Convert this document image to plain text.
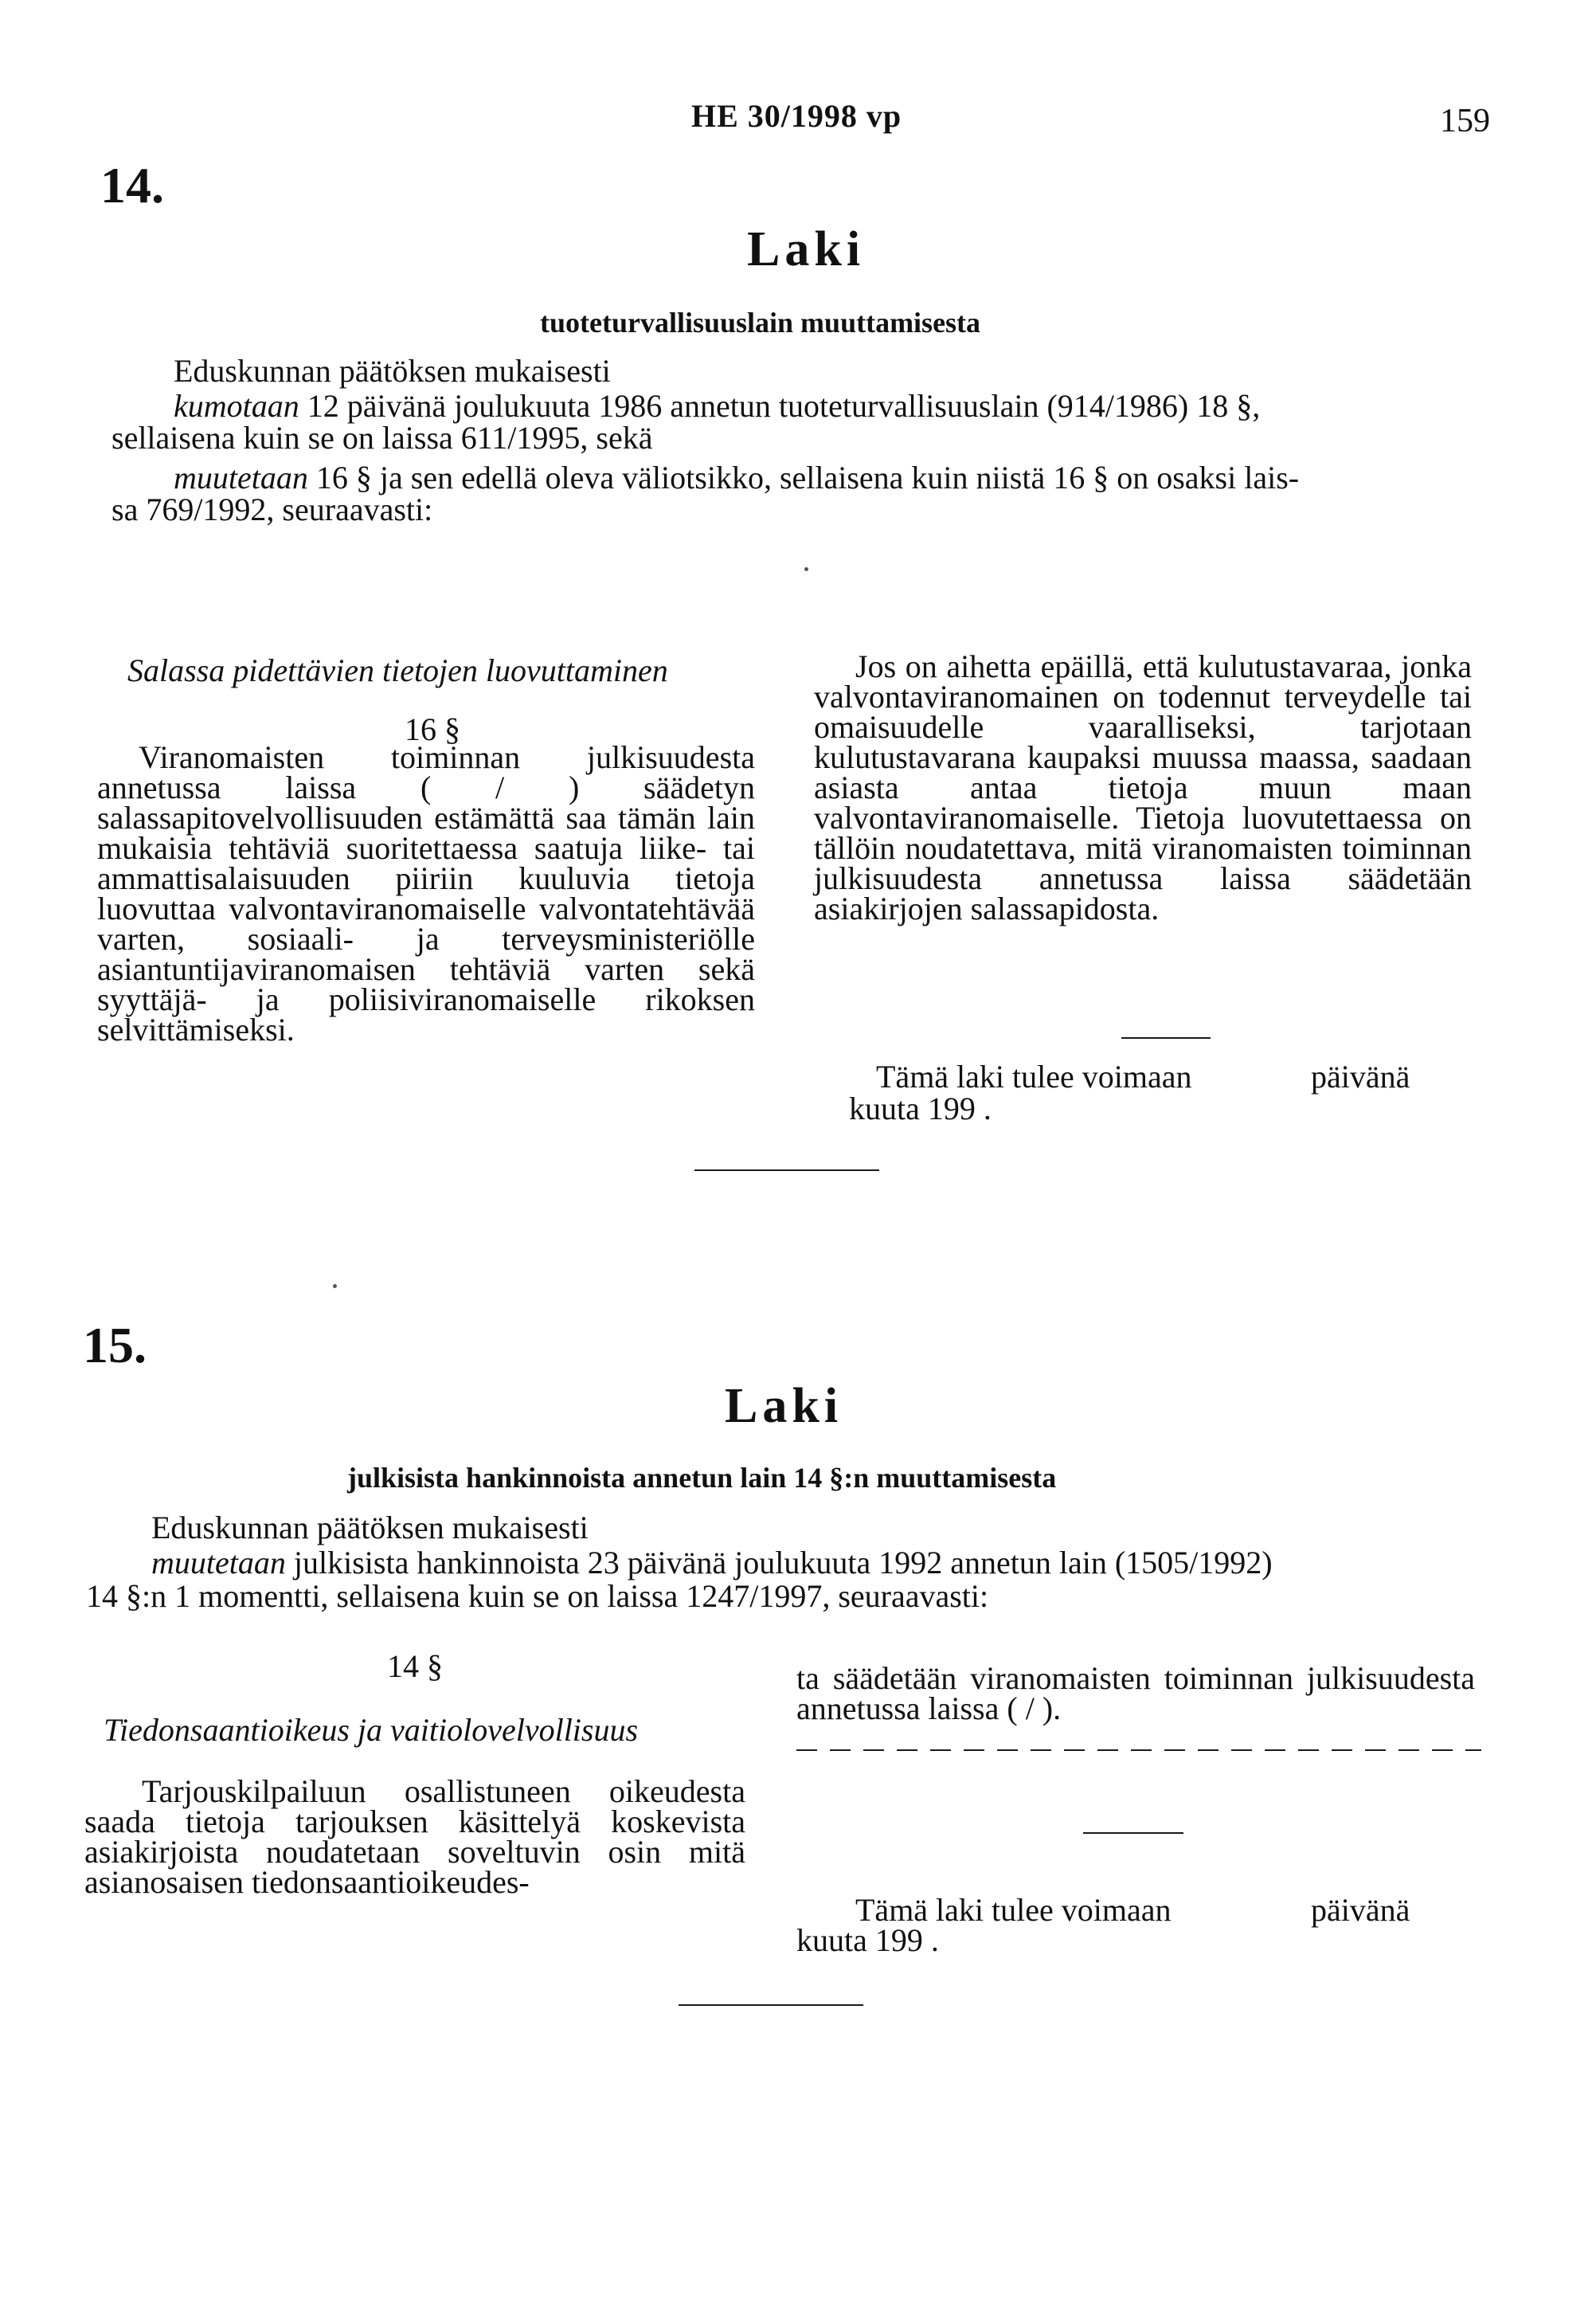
HE 30/1998 vp	159
14.
Laki
tuoteturvallisuuslain muuttamisesta
Eduskunnan päätöksen mukaisesti
kumotaan 12 päivänä joulukuuta 1986 annetun tuoteturvallisuuslain (914/1986) 18 §,
sellaisena kuin se on laissa 611/1995, sekä
muutetaan 16 § ja sen edellä oleva väliotsikko, sellaisena kuin niistä 16 § on osaksi lais-
sa 769/1992, seuraavasti:
Salassa pidettävien tietojen luovuttaminen
16 §

Viranomaisten toiminnan julkisuudesta annetussa laissa ( / ) säädetyn salassapitovelvollisuuden estämättä saa tämän lain mukaisia tehtäviä suoritettaessa saatuja liike- tai ammattisalaisuuden piiriin kuuluvia tietoja luovuttaa valvontaviranomaiselle valvontatehtävää varten, sosiaali- ja terveysministeriölle asiantuntijaviranomaisen tehtäviä varten sekä syyttäjä- ja poliisiviranomaiselle rikoksen selvittämiseksi.

Jos on aihetta epäillä, että kulutustavaraa, jonka valvontaviranomainen on todennut terveydelle tai omaisuudelle vaaralliseksi, tarjotaan kulutustavarana kaupaksi muussa maassa, saadaan asiasta antaa tietoja muun maan valvontaviranomaiselle. Tietoja luovutettaessa on tällöin noudatettava, mitä viranomaisten toiminnan julkisuudesta annetussa laissa säädetään asiakirjojen salassapidosta.

Tämä laki tulee voimaan	päivänä
kuuta 199 .
15.
Laki
julkisista hankinnoista annetun lain 14 §:n muuttamisesta
Eduskunnan päätöksen mukaisesti
muutetaan julkisista hankinnoista 23 päivänä joulukuuta 1992 annetun lain (1505/1992)
14 §:n 1 momentti, sellaisena kuin se on laissa 1247/1997, seuraavasti:
14 §
Tiedonsaantioikeus ja vaitiolovelvollisuus

Tarjouskilpailuun osallistuneen oikeudesta saada tietoja tarjouksen käsittelyä koskevista asiakirjoista noudatetaan soveltuvin osin mitä asianosaisen tiedonsaantioikeudes-

ta säädetään viranomaisten toiminnan julkisuudesta annetussa laissa ( / ).

Tämä laki tulee voimaan	päivänä
kuuta 199 .
